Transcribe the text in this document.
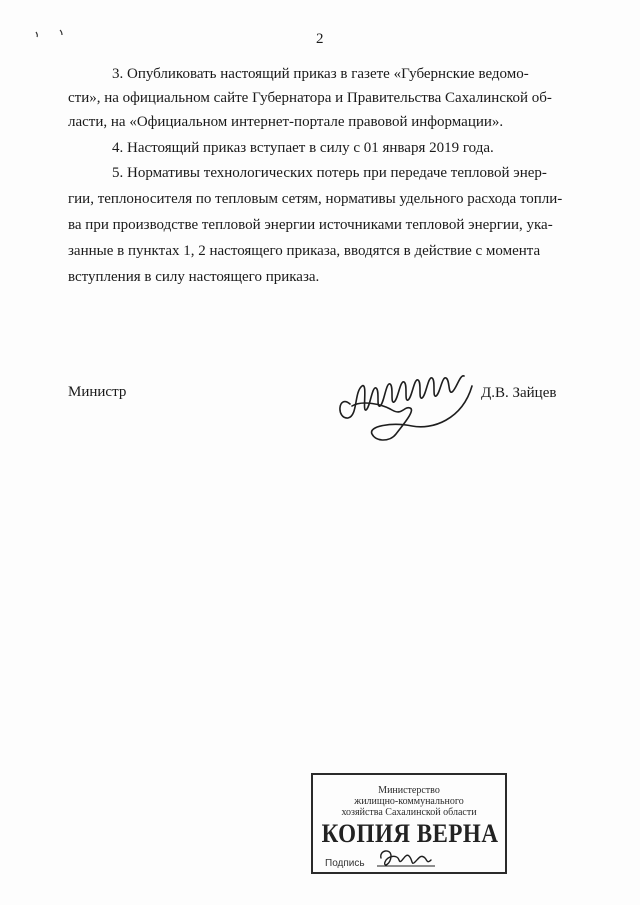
2
3. Опубликовать настоящий приказ в газете «Губернские ведомо-
сти», на официальном сайте Губернатора и Правительства Сахалинской об-
ласти, на «Официальном интернет-портале правовой информации».
4. Настоящий приказ вступает в силу с 01 января 2019 года.
5. Нормативы технологических потерь при передаче тепловой энер-
гии, теплоносителя по тепловым сетям, нормативы удельного расхода топли-
ва при производстве тепловой энергии источниками тепловой энергии, ука-
занные в пунктах 1, 2 настоящего приказа, вводятся в действие с момента
вступления в силу настоящего приказа.
Министр	Д.В. Зайцев
Министерство
жилищно-коммунального
хозяйства Сахалинской области
КОПИЯ ВЕРНА
Подпись
